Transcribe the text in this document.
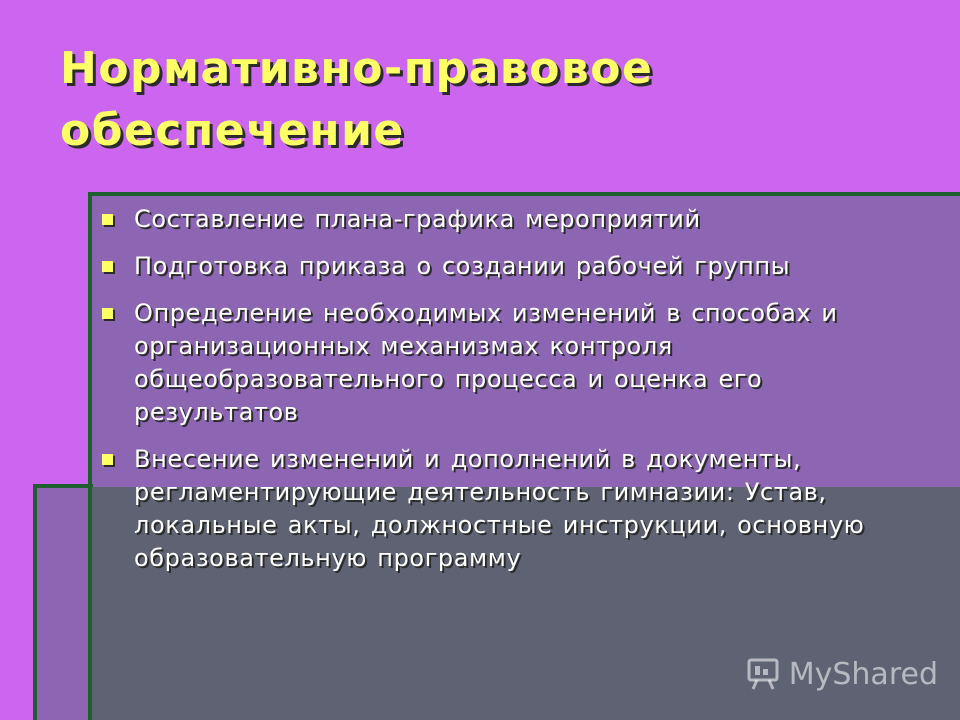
Нормативно-правовое обеспечение
Составление плана-графика мероприятий
Подготовка приказа о создании рабочей группы
Определение необходимых изменений в способах и организационных механизмах контроля общеобразовательного процесса и оценка его результатов
Внесение изменений и дополнений в документы, регламентирующие деятельность гимназии: Устав, локальные акты, должностные инструкции, основную образовательную программу
MyShared
